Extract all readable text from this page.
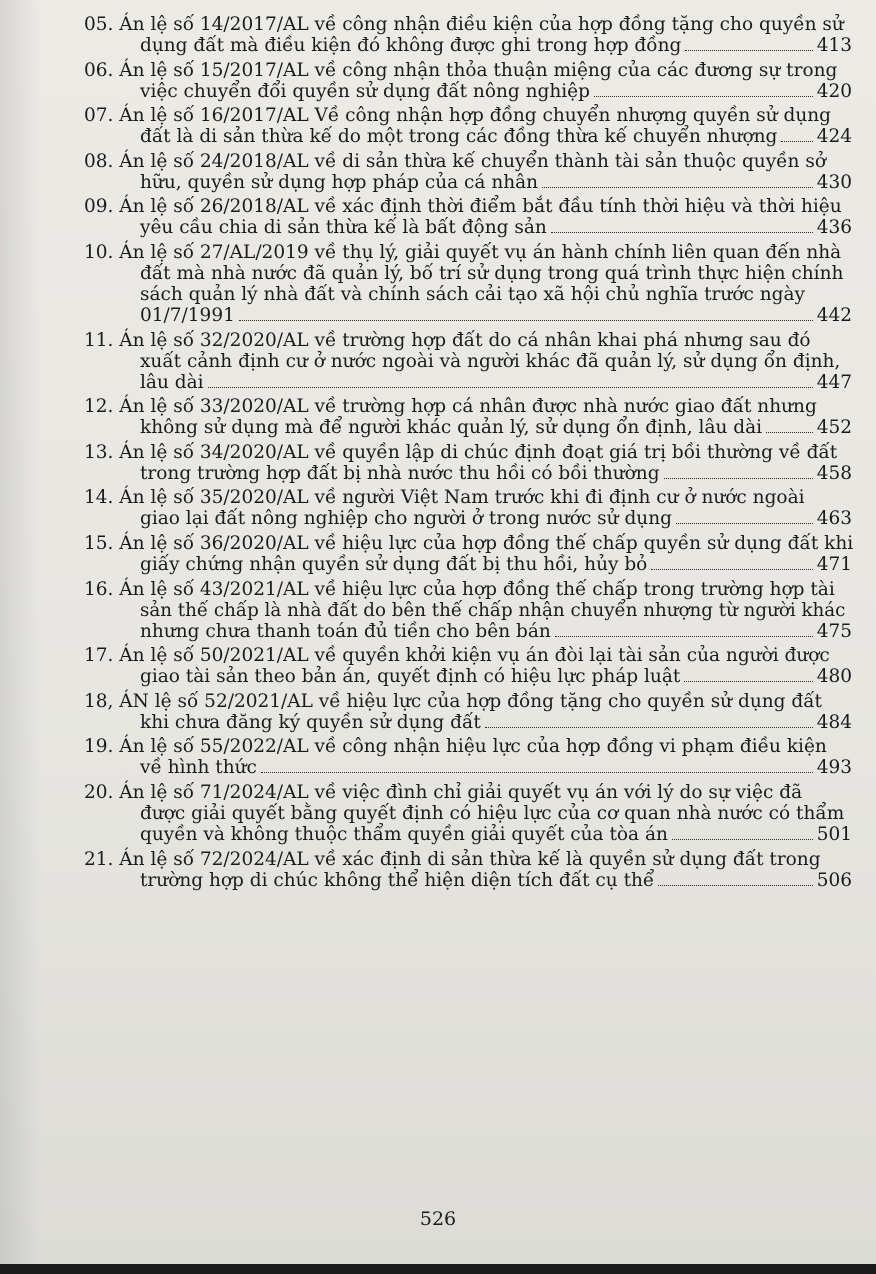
05. Án lệ số 14/2017/AL về công nhận điều kiện của hợp đồng tặng cho quyền sử
dụng đất mà điều kiện đó không được ghi trong hợp đồng	413
06. Án lệ số 15/2017/AL về công nhận thỏa thuận miệng của các đương sự trong
việc chuyển đổi quyền sử dụng đất nông nghiệp	420
07. Án lệ số 16/2017/AL Về công nhận hợp đồng chuyển nhượng quyền sử dụng
đất là di sản thừa kế do một trong các đồng thừa kế chuyển nhượng 424
08. Án lệ số 24/2018/AL về di sản thừa kế chuyển thành tài sản thuộc quyền sở
hữu, quyền sử dụng hợp pháp của cá nhân	430
09. Án lệ số 26/2018/AL về xác định thời điểm bắt đầu tính thời hiệu và thời hiệu
yêu cầu chia di sản thừa kế là bất động sản	436
10. Án lệ số 27/AL/2019 về thụ lý, giải quyết vụ án hành chính liên quan đến nhà
đất mà nhà nước đã quản lý, bố trí sử dụng trong quá trình thực hiện chính
sách quản lý nhà đất và chính sách cải tạo xã hội chủ nghĩa trước ngày
01/7/1991	442
11. Án lệ số 32/2020/AL về trường hợp đất do cá nhân khai phá nhưng sau đó
xuất cảnh định cư ở nước ngoài và người khác đã quản lý, sử dụng ổn định,
lâu dài	447
12. Án lệ số 33/2020/AL về trường hợp cá nhân được nhà nước giao đất nhưng
không sử dụng mà để người khác quản lý, sử dụng ổn định, lâu dài	452
13. Án lệ số 34/2020/AL về quyền lập di chúc định đoạt giá trị bồi thường về đất
trong trường hợp đất bị nhà nước thu hồi có bồi thường	458
14. Án lệ số 35/2020/AL về người Việt Nam trước khi đi định cư ở nước ngoài
giao lại đất nông nghiệp cho người ở trong nước sử dụng	463
15. Án lệ số 36/2020/AL về hiệu lực của hợp đồng thế chấp quyền sử dụng đất khi
giấy chứng nhận quyền sử dụng đất bị thu hồi, hủy bỏ	471
16. Án lệ số 43/2021/AL về hiệu lực của hợp đồng thế chấp trong trường hợp tài
sản thế chấp là nhà đất do bên thế chấp nhận chuyển nhượng từ người khác
nhưng chưa thanh toán đủ tiền cho bên bán	475
17. Án lệ số 50/2021/AL về quyền khởi kiện vụ án đòi lại tài sản của người được
giao tài sản theo bản án, quyết định có hiệu lực pháp luật	480
18, ÁN lệ số 52/2021/AL về hiệu lực của hợp đồng tặng cho quyền sử dụng đất
khi chưa đăng ký quyền sử dụng đất	484
19. Án lệ số 55/2022/AL về công nhận hiệu lực của hợp đồng vi phạm điều kiện
về hình thức	493
20. Án lệ số 71/2024/AL về việc đình chỉ giải quyết vụ án với lý do sự việc đã
được giải quyết bằng quyết định có hiệu lực của cơ quan nhà nước có thẩm
quyền và không thuộc thẩm quyền giải quyết của tòa án	501
21. Án lệ số 72/2024/AL về xác định di sản thừa kế là quyền sử dụng đất trong
trường hợp di chúc không thể hiện diện tích đất cụ thể	506
526
